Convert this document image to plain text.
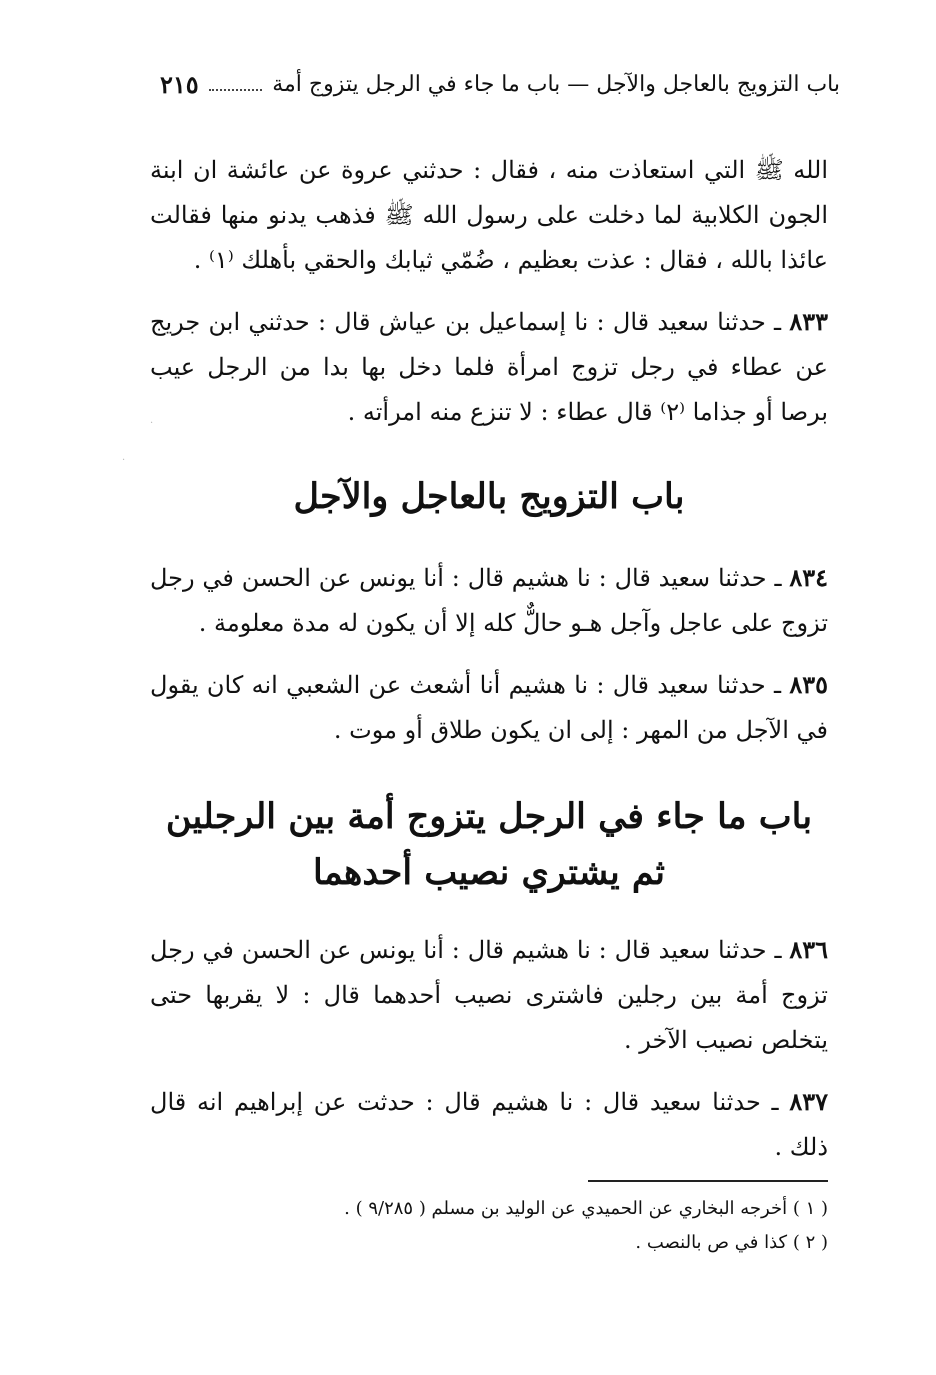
باب التزويج بالعاجل والآجل — باب ما جاء في الرجل يتزوج أمة
٢١٥
·
·

الله ﷺ التي استعاذت منه ، فقال : حدثني عروة عن عائشة ان ابنة الجون الكلابية لما دخلت على رسول الله ﷺ فذهب يدنو منها فقالت عائذا بالله ، فقال : عذت بعظيم ، ضُمّي ثيابك والحقي بأهلك ⁽١⁾ .

٨٣٣ ـ حدثنا سعيد قال : نا إسماعيل بن عياش قال : حدثني ابن جريج عن عطاء في رجل تزوج امرأة فلما دخل بها بدا من الرجل عيب برصا أو جذاما ⁽٢⁾ قال عطاء : لا تنزع منه امرأته .

باب التزويج بالعاجل والآجل

٨٣٤ ـ حدثنا سعيد قال : نا هشيم قال : أنا يونس عن الحسن في رجل تزوج على عاجل وآجل هـو حالٌّ كله إلا أن يكون له مدة معلومة .

٨٣٥ ـ حدثنا سعيد قال : نا هشيم أنا أشعث عن الشعبي انه كان يقول في الآجل من المهر : إلى ان يكون طلاق أو موت .

باب ما جاء في الرجل يتزوج أمة بين الرجلين
ثم يشتري نصيب أحدهما

٨٣٦ ـ حدثنا سعيد قال : نا هشيم قال : أنا يونس عن الحسن في رجل تزوج أمة بين رجلين فاشترى نصيب أحدهما قال : لا يقربها حتى يتخلص نصيب الآخر .

٨٣٧ ـ حدثنا سعيد قال : نا هشيم قال : حدثت عن إبراهيم انه قال ذلك .

( ١ ) أخرجه البخاري عن الحميدي عن الوليد بن مسلم ( ٩/٢٨٥ ) .

( ٢ ) كذا في ص بالنصب .
